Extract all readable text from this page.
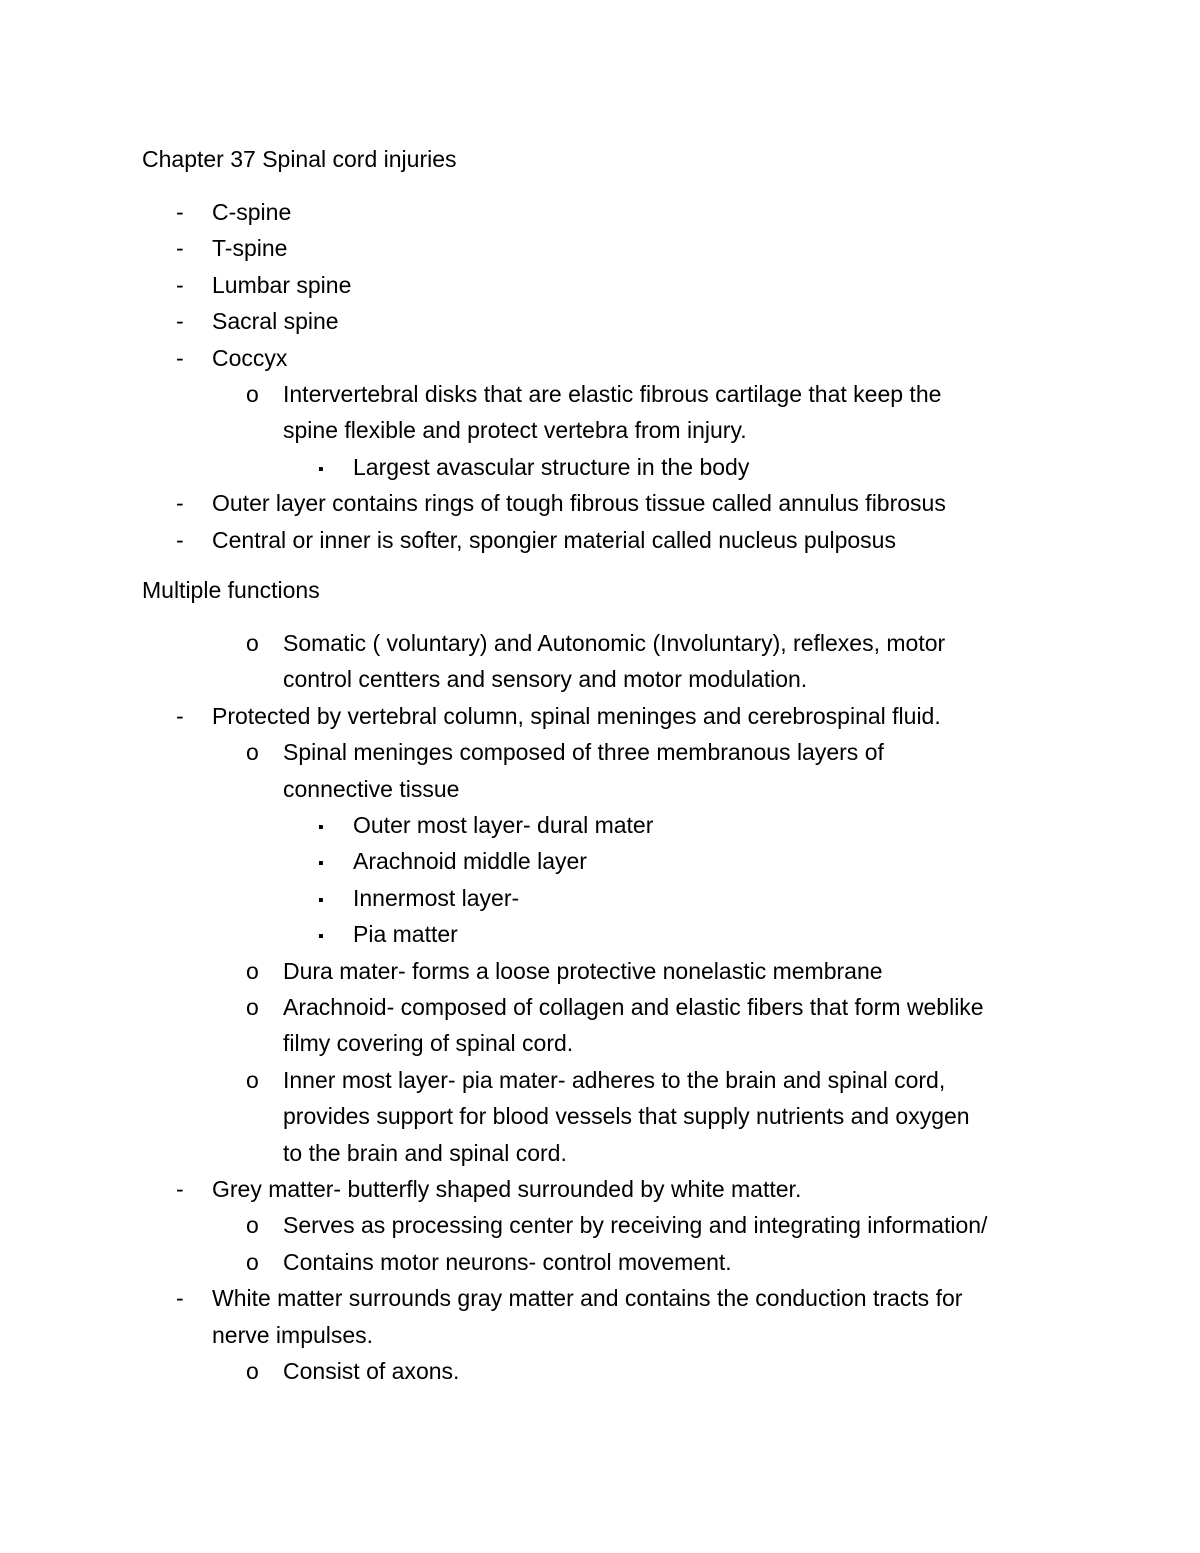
Chapter 37 Spinal cord injuries
- C-spine
- T-spine
- Lumbar spine
- Sacral spine
- Coccyx
o Intervertebral disks that are elastic fibrous cartilage that keep the
spine flexible and protect vertebra from injury.
▪ Largest avascular structure in the body
- Outer layer contains rings of tough fibrous tissue called annulus fibrosus
- Central or inner is softer, spongier material called nucleus pulposus
Multiple functions
o Somatic ( voluntary) and Autonomic (Involuntary), reflexes, motor
control centters and sensory and motor modulation.
- Protected by vertebral column, spinal meninges and cerebrospinal fluid.
o Spinal meninges composed of three membranous layers of
connective tissue
▪ Outer most layer- dural mater
▪ Arachnoid middle layer
▪ Innermost layer-
▪ Pia matter
o Dura mater- forms a loose protective nonelastic membrane
o Arachnoid- composed of collagen and elastic fibers that form weblike
filmy covering of spinal cord.
o Inner most layer- pia mater- adheres to the brain and spinal cord,
provides support for blood vessels that supply nutrients and oxygen
to the brain and spinal cord.
- Grey matter- butterfly shaped surrounded by white matter.
o Serves as processing center by receiving and integrating information/
o Contains motor neurons- control movement.
- White matter surrounds gray matter and contains the conduction tracts for
nerve impulses.
o Consist of axons.
